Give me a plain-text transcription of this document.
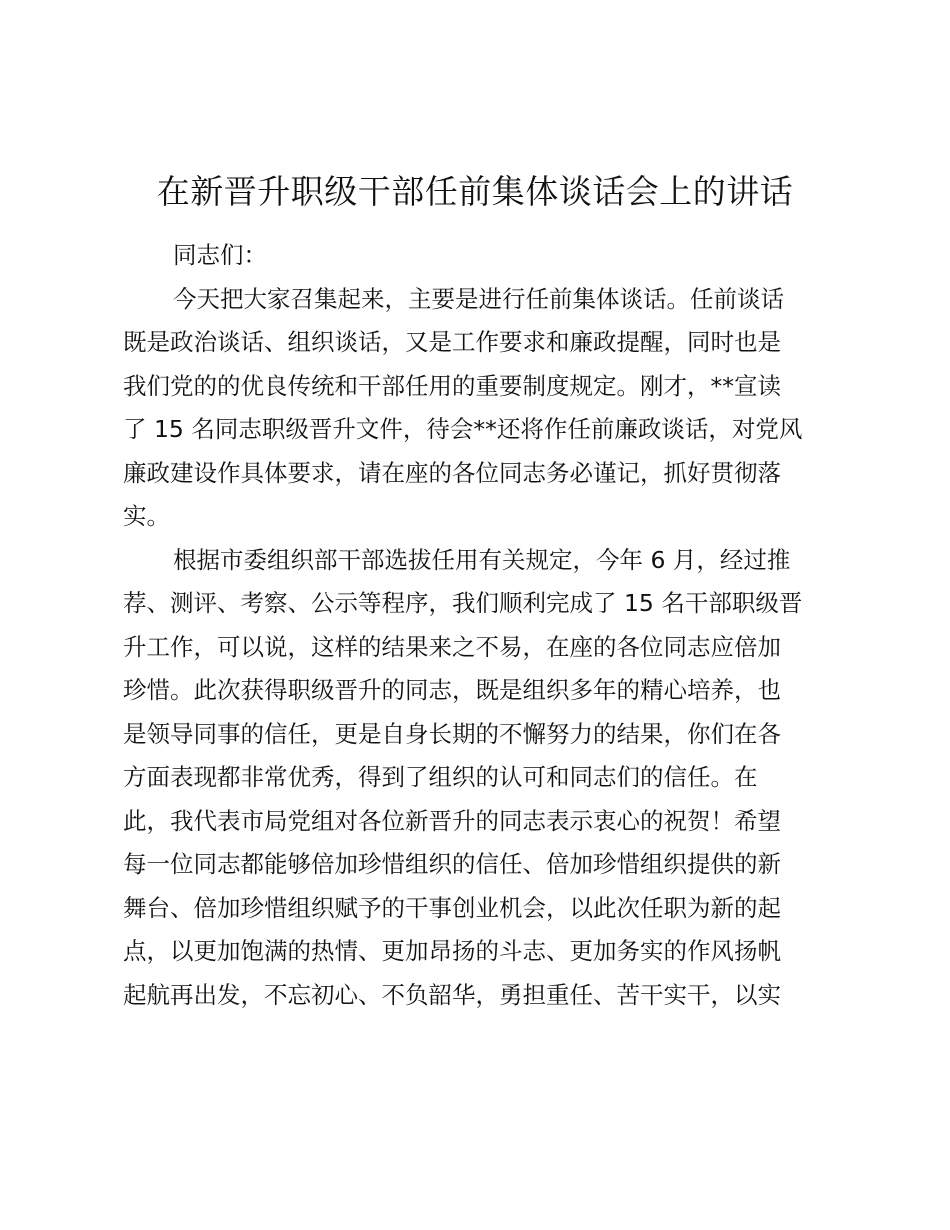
在新晋升职级干部任前集体谈话会上的讲话
同志们：
今天把大家召集起来，主要是进行任前集体谈话。任前谈话
既是政治谈话、组织谈话，又是工作要求和廉政提醒，同时也是
我们党的的优良传统和干部任用的重要制度规定。刚才，**宣读
了 15 名同志职级晋升文件，待会**还将作任前廉政谈话，对党风
廉政建设作具体要求，请在座的各位同志务必谨记，抓好贯彻落
实。
根据市委组织部干部选拔任用有关规定，今年 6 月，经过推
荐、测评、考察、公示等程序，我们顺利完成了 15 名干部职级晋
升工作，可以说，这样的结果来之不易，在座的各位同志应倍加
珍惜。此次获得职级晋升的同志，既是组织多年的精心培养，也
是领导同事的信任，更是自身长期的不懈努力的结果，你们在各
方面表现都非常优秀，得到了组织的认可和同志们的信任。在
此，我代表市局党组对各位新晋升的同志表示衷心的祝贺！希望
每一位同志都能够倍加珍惜组织的信任、倍加珍惜组织提供的新
舞台、倍加珍惜组织赋予的干事创业机会，以此次任职为新的起
点，以更加饱满的热情、更加昂扬的斗志、更加务实的作风扬帆
起航再出发，不忘初心、不负韶华，勇担重任、苦干实干，以实
